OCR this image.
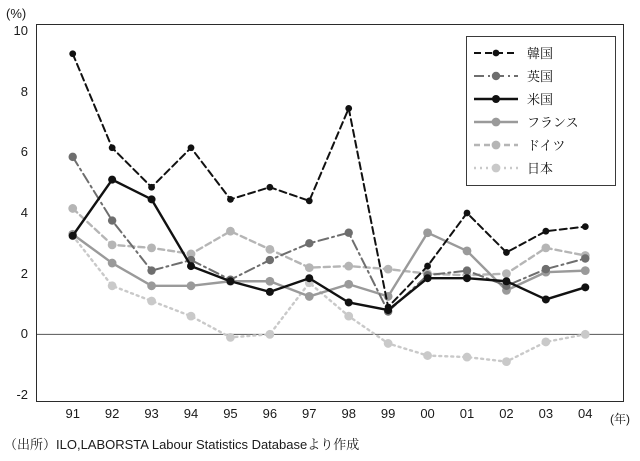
(%)
(年)
（出所）ILO,LABORSTA Labour Statistics Databaseより作成
-2
0
2
4
6
8
10
91	92	93	94	95	96	97	98	99	00	01	02	03	04
韓国
英国
米国
フランス
ドイツ
日本
